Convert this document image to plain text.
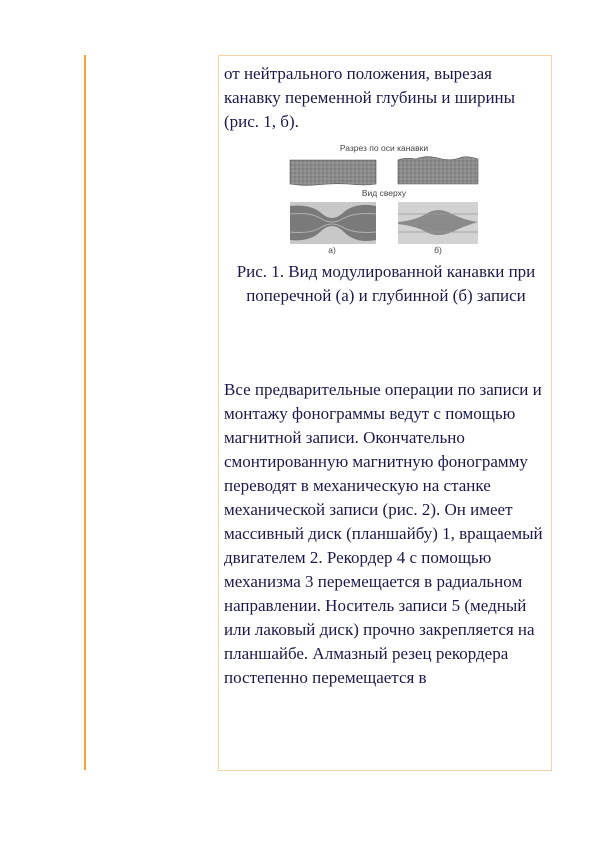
от нейтрального положения, вырезая канавку переменной глубины и ширины (рис. 1, б).

Разрез по оси канавки
Вид сверху
а)	б)

Рис. 1. Вид модулированной канавки при поперечной (а) и глубинной (б) записи

Все предварительные операции по записи и монтажу фонограммы ведут с помощью магнитной записи. Окончательно смонтированную магнитную фонограмму переводят в механическую на станке механической записи (рис. 2). Он имеет массивный диск (планшайбу) 1, вращаемый двигателем 2. Рекордер 4 с помощью механизма 3 перемещается в радиальном направлении. Носитель записи 5 (медный или лаковый диск) прочно закрепляется на планшайбе. Алмазный резец рекордера постепенно перемещается в
